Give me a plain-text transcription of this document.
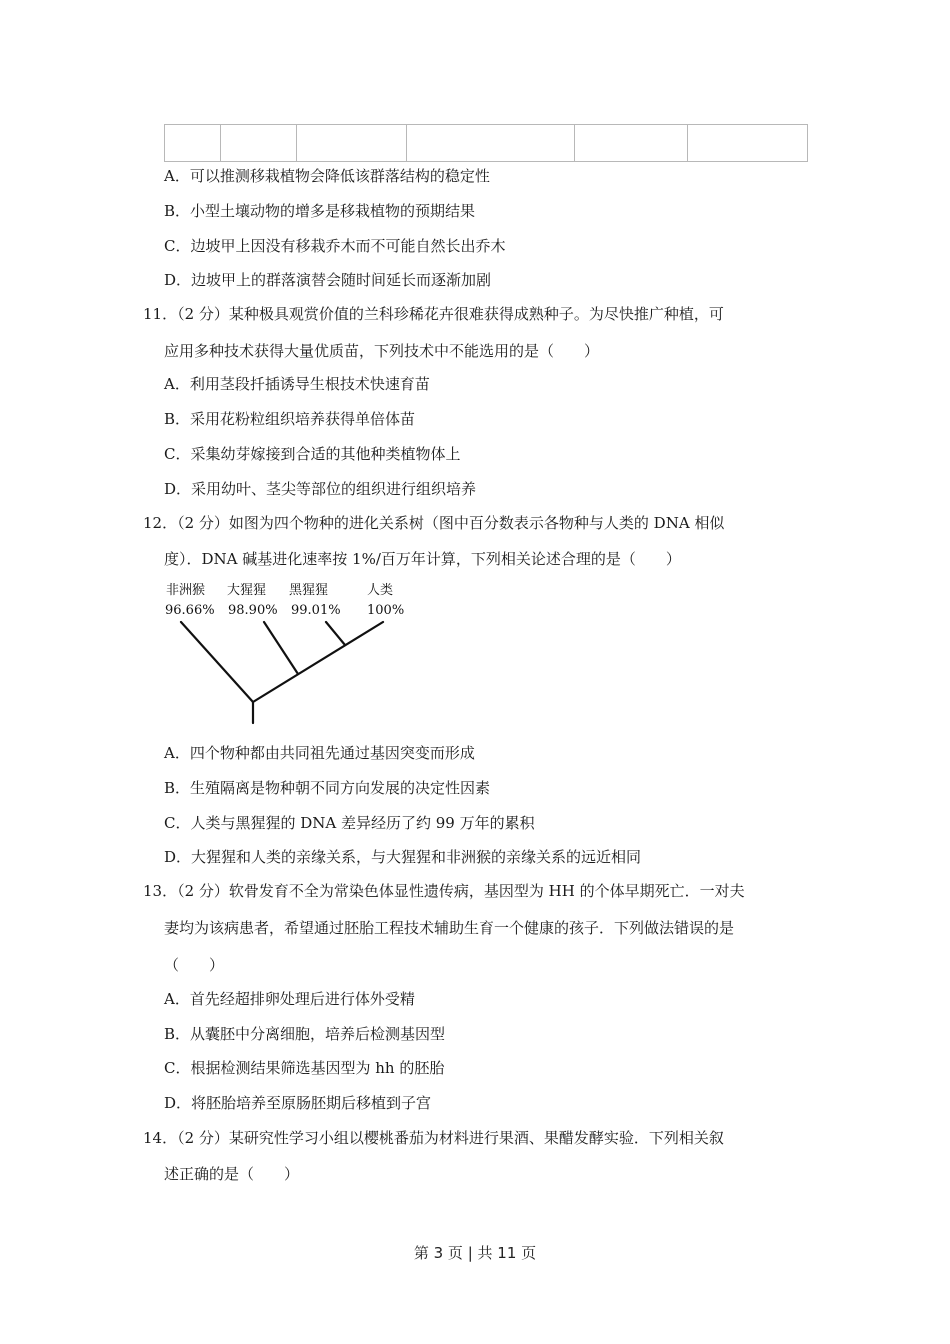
A．可以推测移栽植物会降低该群落结构的稳定性
B．小型土壤动物的增多是移栽植物的预期结果
C．边坡甲上因没有移栽乔木而不可能自然长出乔木
D．边坡甲上的群落演替会随时间延长而逐渐加剧
11．（2 分）某种极具观赏价值的兰科珍稀花卉很难获得成熟种子。为尽快推广种植，可
应用多种技术获得大量优质苗，下列技术中不能选用的是（　　）
A．利用茎段扦插诱导生根技术快速育苗
B．采用花粉粒组织培养获得单倍体苗
C．采集幼芽嫁接到合适的其他种类植物体上
D．采用幼叶、茎尖等部位的组织进行组织培养
12．（2 分）如图为四个物种的进化关系树（图中百分数表示各物种与人类的 DNA 相似
度）．DNA 碱基进化速率按 1%/百万年计算，下列相关论述合理的是（　　）
非洲猴 大猩猩 黑猩猩	人类
96.66% 98.90% 99.01% 100%
A．四个物种都由共同祖先通过基因突变而形成
B．生殖隔离是物种朝不同方向发展的决定性因素
C．人类与黑猩猩的 DNA 差异经历了约 99 万年的累积
D．大猩猩和人类的亲缘关系，与大猩猩和非洲猴的亲缘关系的远近相同
13．（2 分）软骨发育不全为常染色体显性遗传病，基因型为 HH 的个体早期死亡．一对夫
妻均为该病患者，希望通过胚胎工程技术辅助生育一个健康的孩子．下列做法错误的是
（　　）
A．首先经超排卵处理后进行体外受精
B．从囊胚中分离细胞，培养后检测基因型
C．根据检测结果筛选基因型为 hh 的胚胎
D．将胚胎培养至原肠胚期后移植到子宫
14．（2 分）某研究性学习小组以樱桃番茄为材料进行果酒、果醋发酵实验．下列相关叙
述正确的是（　　）
第 3 页 | 共 11 页
